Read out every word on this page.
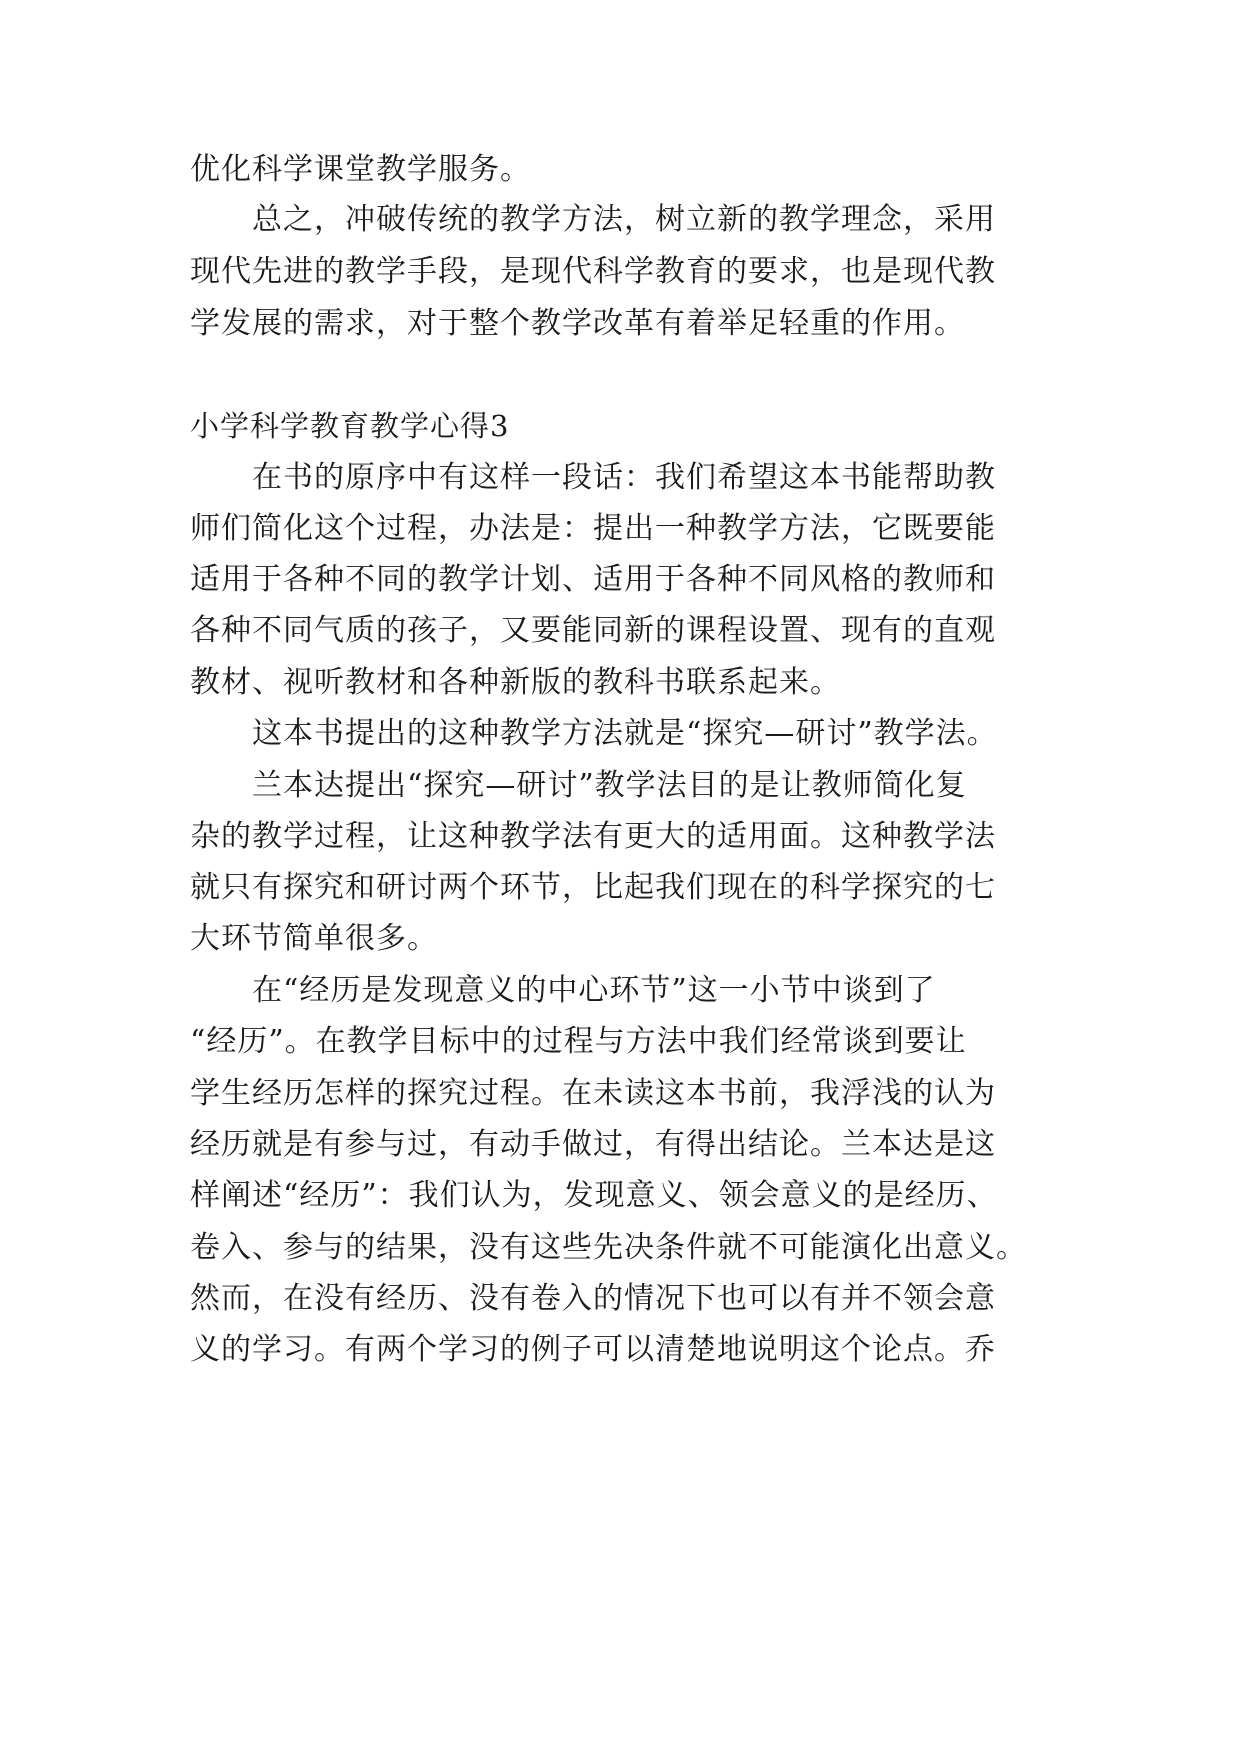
优化科学课堂教学服务。
总之，冲破传统的教学方法，树立新的教学理念，采用
现代先进的教学手段，是现代科学教育的要求，也是现代教
学发展的需求，对于整个教学改革有着举足轻重的作用。
小学科学教育教学心得3
在书的原序中有这样一段话：我们希望这本书能帮助教
师们简化这个过程，办法是：提出一种教学方法，它既要能
适用于各种不同的教学计划、适用于各种不同风格的教师和
各种不同气质的孩子，又要能同新的课程设置、现有的直观
教材、视听教材和各种新版的教科书联系起来。
这本书提出的这种教学方法就是“探究—研讨”教学法。
兰本达提出“探究—研讨”教学法目的是让教师简化复
杂的教学过程，让这种教学法有更大的适用面。这种教学法
就只有探究和研讨两个环节，比起我们现在的科学探究的七
大环节简单很多。
在“经历是发现意义的中心环节”这一小节中谈到了
“经历”。在教学目标中的过程与方法中我们经常谈到要让
学生经历怎样的探究过程。在未读这本书前，我浮浅的认为
经历就是有参与过，有动手做过，有得出结论。兰本达是这
样阐述“经历”：我们认为，发现意义、领会意义的是经历、
卷入、参与的结果，没有这些先决条件就不可能演化出意义。
然而，在没有经历、没有卷入的情况下也可以有并不领会意
义的学习。有两个学习的例子可以清楚地说明这个论点。乔
